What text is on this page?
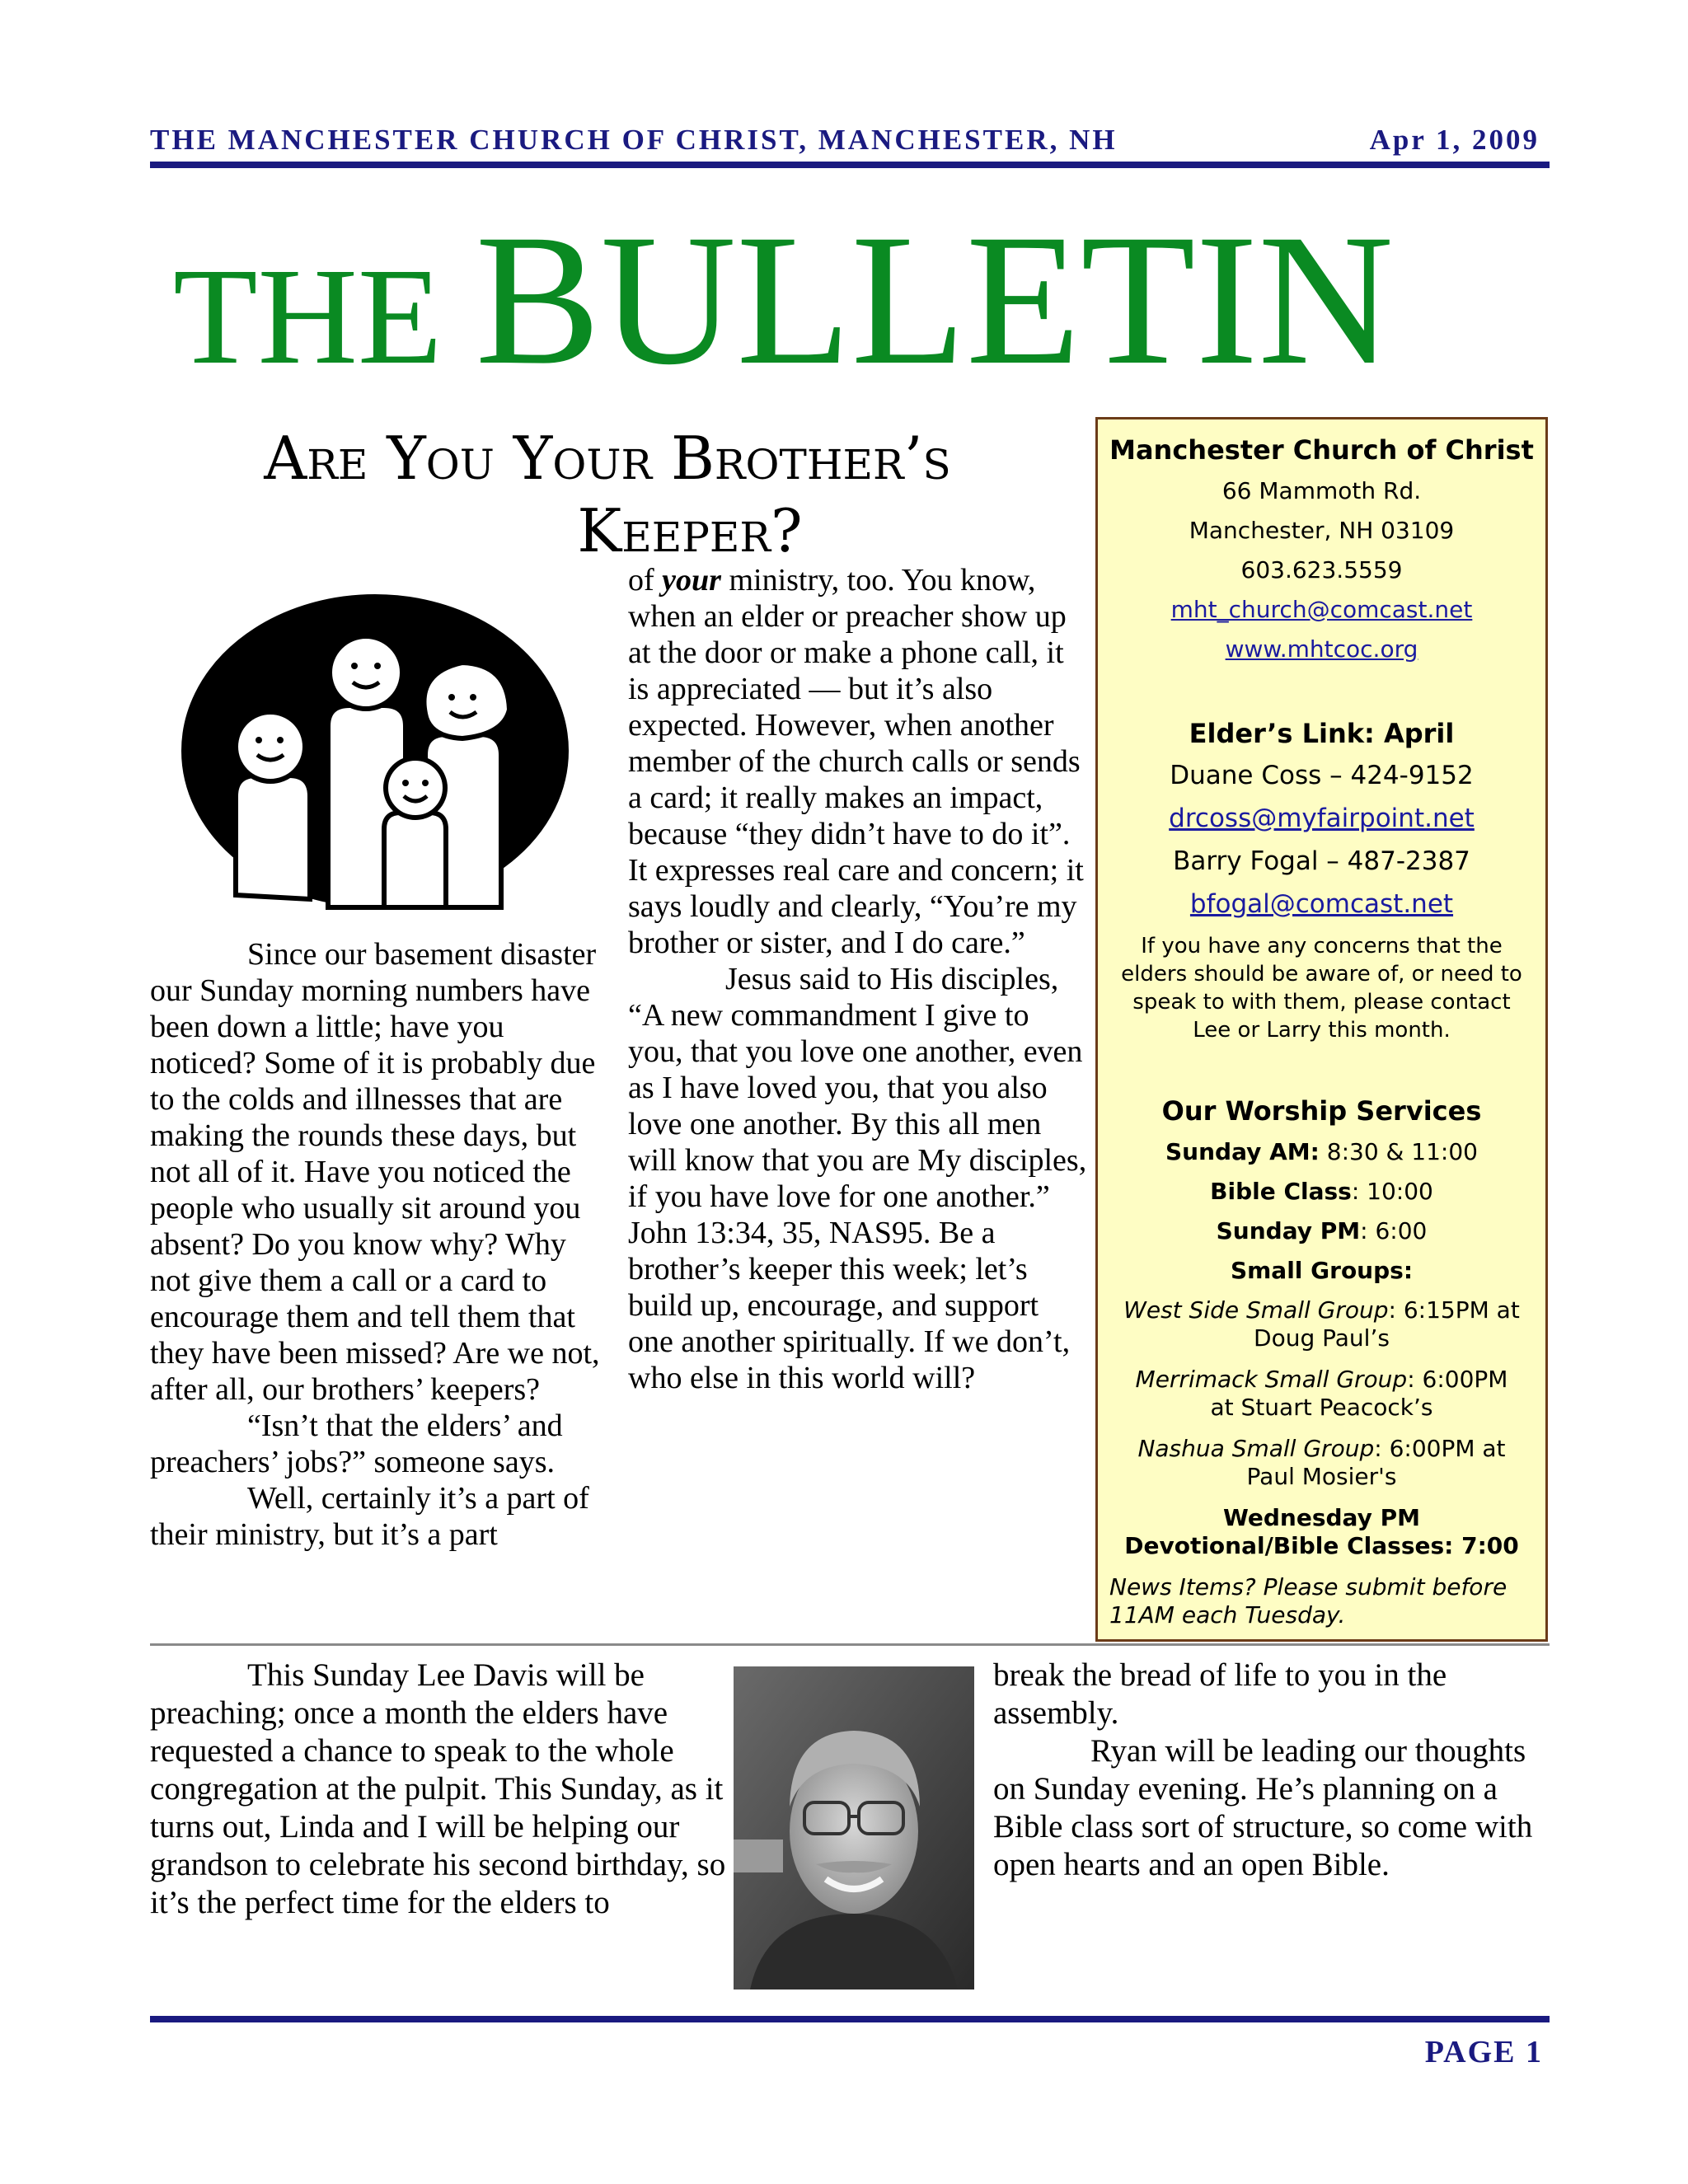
THE MANCHESTER CHURCH OF CHRIST, MANCHESTER, NH	Apr 1, 2009
THE BULLETIN
Are You Your Brother’s
Keeper?

Since our basement disaster our Sunday morning numbers have been down a little; have you noticed? Some of it is probably due to the colds and illnesses that are making the rounds these days, but not all of it. Have you noticed the people who usually sit around you absent? Do you know why? Why not give them a call or a card to encourage them and tell them that they have been missed? Are we not, after all, our brothers’ keepers?

“Isn’t that the elders’ and preachers’ jobs?” someone says.

Well, certainly it’s a part of their ministry, but it’s a part

of your ministry, too. You know, when an elder or preacher show up at the door or make a phone call, it is appreciated — but it’s also expected. However, when another member of the church calls or sends a card; it really makes an impact, because “they didn’t have to do it”. It expresses real care and concern; it says loudly and clearly, “You’re my brother or sister, and I do care.”

Jesus said to His disciples, “A new commandment I give to you, that you love one another, even as I have loved you, that you also love one another. By this all men will know that you are My disciples, if you have love for one another.” John 13:34, 35, NAS95. Be a brother’s keeper this week; let’s build up, encourage, and support one another spiritually. If we don’t, who else in this world will?

Manchester Church of Christ
66 Mammoth Rd.
Manchester, NH 03109
603.623.5559
mht_church@comcast.net
www.mhtcoc.org
Elder’s Link: April
Duane Coss – 424-9152
drcoss@myfairpoint.net
Barry Fogal – 487-2387
bfogal@comcast.net
If you have any concerns that the elders should be aware of, or need to speak to with them, please contact Lee or Larry this month.
Our Worship Services
Sunday AM: 8:30 & 11:00
Bible Class: 10:00
Sunday PM: 6:00
Small Groups:
West Side Small Group: 6:15PM at Doug Paul’s
Merrimack Small Group: 6:00PM at Stuart Peacock’s
Nashua Small Group: 6:00PM at Paul Mosier's
Wednesday PM Devotional/Bible Classes: 7:00
News Items? Please submit before 11AM each Tuesday.

This Sunday Lee Davis will be preaching; once a month the elders have requested a chance to speak to the whole congregation at the pulpit. This Sunday, as it turns out, Linda and I will be helping our grandson to celebrate his second birthday, so it’s the perfect time for the elders to

break the bread of life to you in the assembly.

Ryan will be leading our thoughts on Sunday evening. He’s planning on a Bible class sort of structure, so come with open hearts and an open Bible.

PAGE 1
